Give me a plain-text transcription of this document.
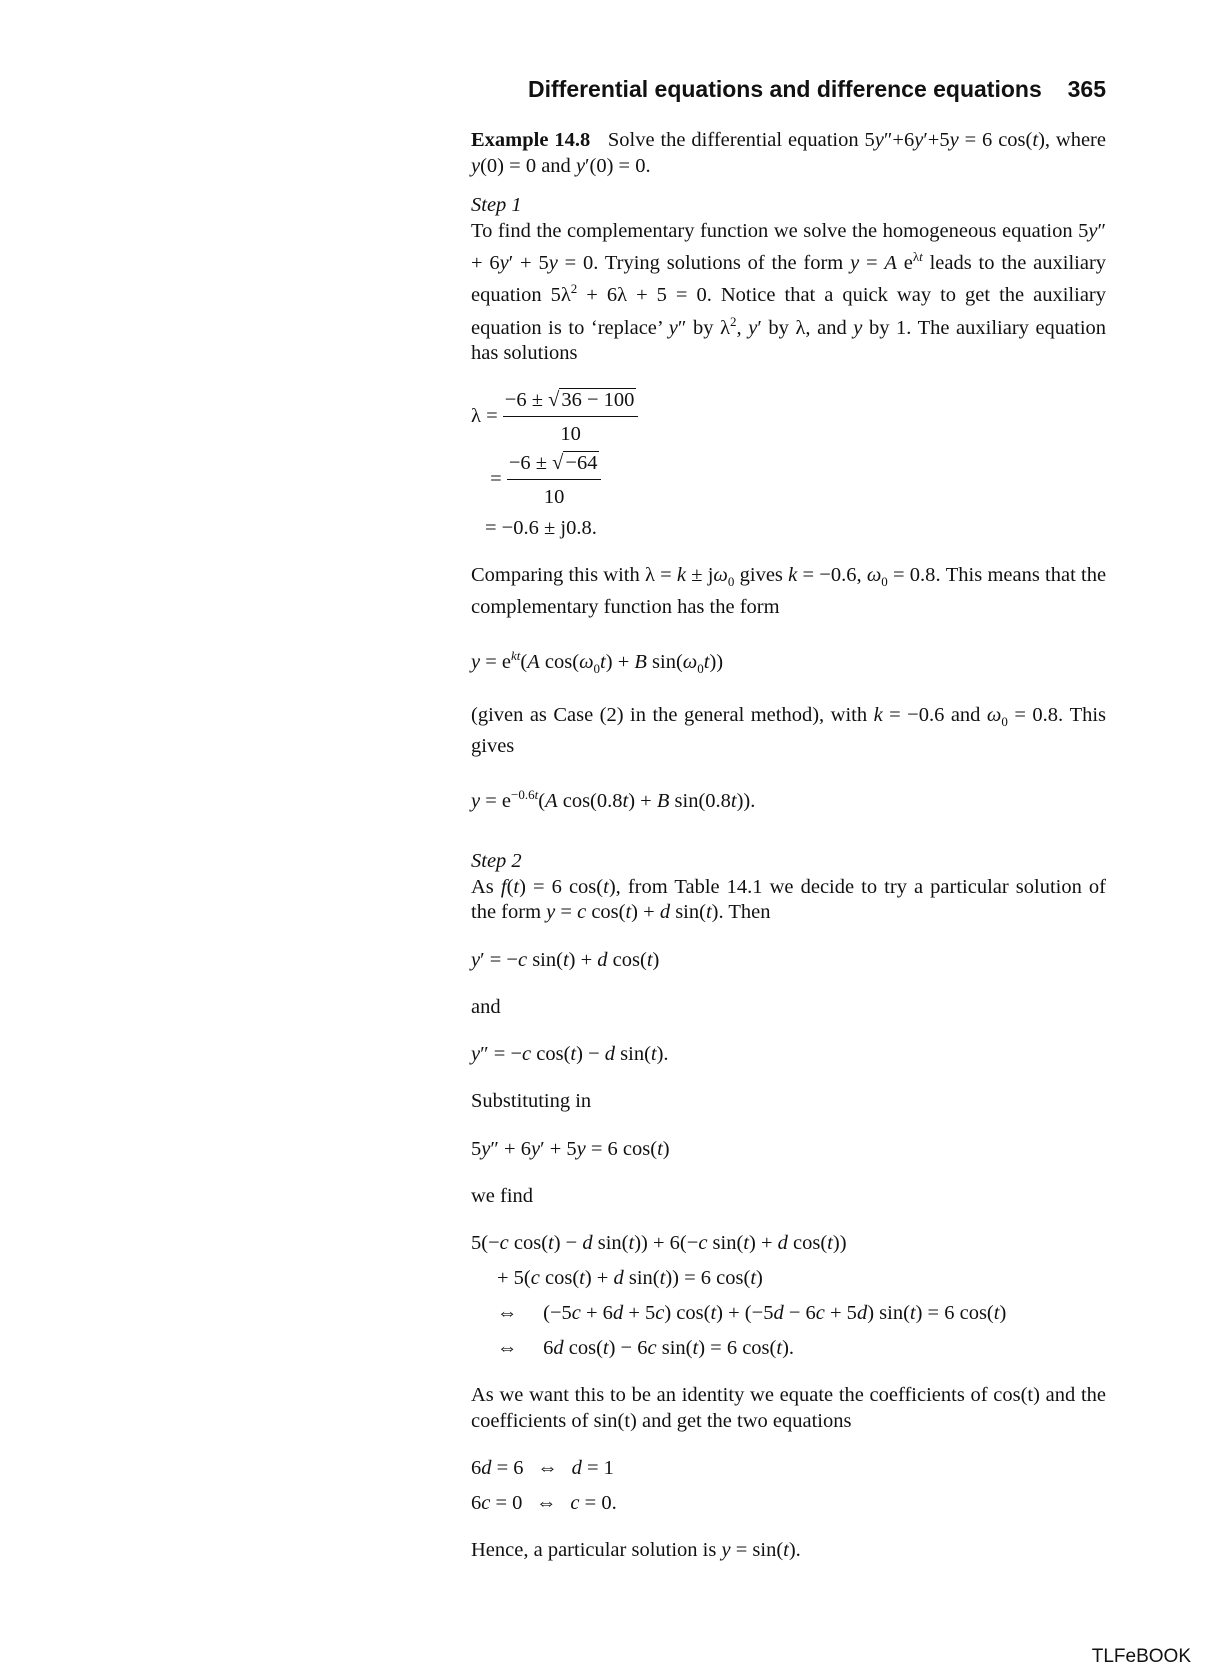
Differential equations and difference equations 365

Example 14.8 Solve the differential equation 5y″+6y′+5y = 6 cos(t), where y(0) = 0 and y′(0) = 0.

Step 1

To find the complementary function we solve the homogeneous equation 5y″ + 6y′ + 5y = 0. Trying solutions of the form y = A $e^{\lambda t}$ leads to the auxiliary equation $5\lambda^2 + 6\lambda + 5 = 0$. Notice that a quick way to get the auxiliary equation is to ‘replace’ y″ by $\lambda^2$, y′ by λ, and y by 1. The auxiliary equation has solutions

$\lambda = \frac{-6 \pm √36 - 100}{10}$
= $\frac{-6 \pm √-64}{10}$
= −0.6 ± j0.8.

Comparing this with $\lambda = k \pm j\omega_0$ gives k = −0.6, $\omega_0 = 0.8$. This means that the complementary function has the form

$y = e^{kt}(A$ $\cos(\omega_0t) + B$ $\sin(\omega_0t)$)

(given as Case (2) in the general method), with k = −0.6 and $\omega_0 = 0.8$. This gives

$y = e^{-0.6t}(A$ cos(0.8t) + B sin(0.8t)).

Step 2

As f(t) = 6 cos(t), from Table 14.1 we decide to try a particular solution of the form y = c cos(t) + d sin(t). Then

y′ = −c sin(t) + d cos(t)

and

y″ = −c cos(t) − d sin(t).

Substituting in

5y″ + 6y′ + 5y = 6 cos(t)

we find

5(−c cos(t) − d sin(t)) + 6(−c sin(t) + d cos(t))
+ 5(c cos(t) + d sin(t)) = 6 cos(t)
⇔     (−5c + 6d + 5c) cos(t) + (−5d − 6c + 5d) sin(t) = 6 cos(t)
⇔     6d cos(t) − 6c sin(t) = 6 cos(t).

As we want this to be an identity we equate the coefficients of cos(t) and the coefficients of sin(t) and get the two equations

6d = 6 ⇔ d = 1
6c = 0 ⇔ c = 0.

Hence, a particular solution is y = sin(t).

TLFeBOOK
